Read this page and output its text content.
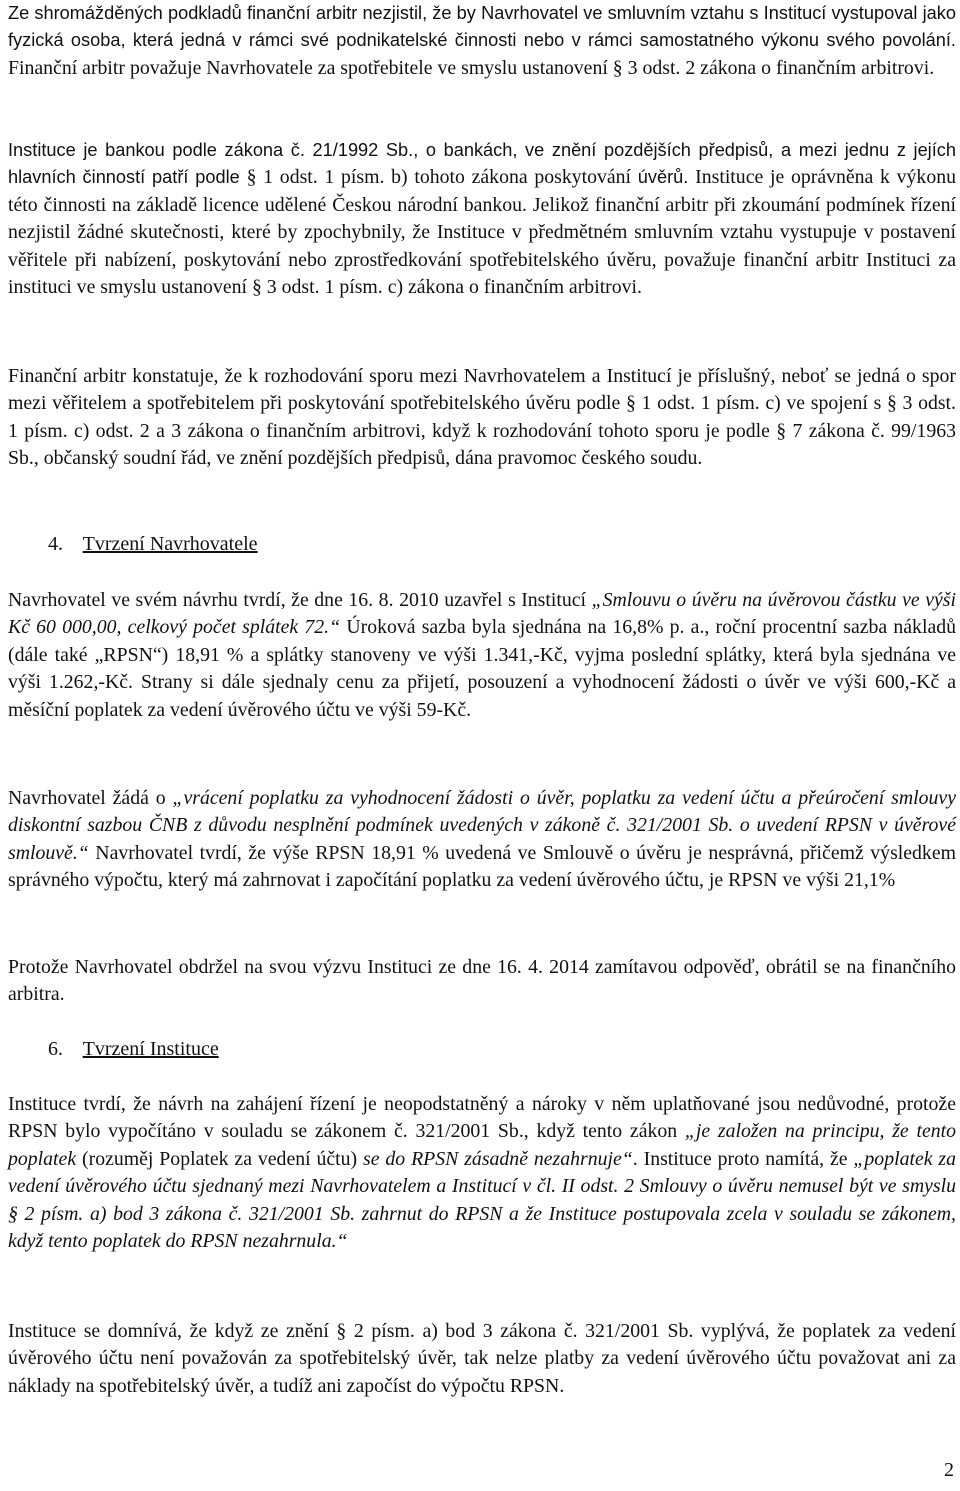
Ze shromážděných podkladů finanční arbitr nezjistil, že by Navrhovatel ve smluvním vztahu s Institucí vystupoval jako fyzická osoba, která jedná v rámci své podnikatelské činnosti nebo v rámci samostatného výkonu svého povolání. Finanční arbitr považuje Navrhovatele za spotřebitele ve smyslu ustanovení § 3 odst. 2 zákona o finančním arbitrovi.

Instituce je bankou podle zákona č. 21/1992 Sb., o bankách, ve znění pozdějších předpisů, a mezi jednu z jejích hlavních činností patří podle § 1 odst. 1 písm. b) tohoto zákona poskytování úvěrů. Instituce je oprávněna k výkonu této činnosti na základě licence udělené Českou národní bankou. Jelikož finanční arbitr při zkoumání podmínek řízení nezjistil žádné skutečnosti, které by zpochybnily, že Instituce v předmětném smluvním vztahu vystupuje v postavení věřitele při nabízení, poskytování nebo zprostředkování spotřebitelského úvěru, považuje finanční arbitr Instituci za instituci ve smyslu ustanovení § 3 odst. 1 písm. c) zákona o finančním arbitrovi.

Finanční arbitr konstatuje, že k rozhodování sporu mezi Navrhovatelem a Institucí je příslušný, neboť se jedná o spor mezi věřitelem a spotřebitelem při poskytování spotřebitelského úvěru podle § 1 odst. 1 písm. c) ve spojení s § 3 odst. 1 písm. c) odst. 2 a 3 zákona o finančním arbitrovi, když k rozhodování tohoto sporu je podle § 7 zákona č. 99/1963 Sb., občanský soudní řád, ve znění pozdějších předpisů, dána pravomoc českého soudu.

4. Tvrzení Navrhovatele

Navrhovatel ve svém návrhu tvrdí, že dne 16. 8. 2010 uzavřel s Institucí „Smlouvu o úvěru na úvěrovou částku ve výši Kč 60 000,00, celkový počet splátek 72.“ Úroková sazba byla sjednána na 16,8% p. a., roční procentní sazba nákladů (dále také „RPSN“) 18,91 % a splátky stanoveny ve výši 1.341,-Kč, vyjma poslední splátky, která byla sjednána ve výši 1.262,-Kč. Strany si dále sjednaly cenu za přijetí, posouzení a vyhodnocení žádosti o úvěr ve výši 600,-Kč a měsíční poplatek za vedení úvěrového účtu ve výši 59-Kč.

Navrhovatel žádá o „vrácení poplatku za vyhodnocení žádosti o úvěr, poplatku za vedení účtu a přeúročení smlouvy diskontní sazbou ČNB z důvodu nesplnění podmínek uvedených v zákoně č. 321/2001 Sb. o uvedení RPSN v úvěrové smlouvě.“ Navrhovatel tvrdí, že výše RPSN 18,91 % uvedená ve Smlouvě o úvěru je nesprávná, přičemž výsledkem správného výpočtu, který má zahrnovat i započítání poplatku za vedení úvěrového účtu, je RPSN ve výši 21,1%

Protože Navrhovatel obdržel na svou výzvu Instituci ze dne 16. 4. 2014 zamítavou odpověď, obrátil se na finančního arbitra.

6. Tvrzení Instituce

Instituce tvrdí, že návrh na zahájení řízení je neopodstatněný a nároky v něm uplatňované jsou nedůvodné, protože RPSN bylo vypočítáno v souladu se zákonem č. 321/2001 Sb., když tento zákon „je založen na principu, že tento poplatek (rozuměj Poplatek za vedení účtu) se do RPSN zásadně nezahrnuje“. Instituce proto namítá, že „poplatek za vedení úvěrového účtu sjednaný mezi Navrhovatelem a Institucí v čl. II odst. 2 Smlouvy o úvěru nemusel být ve smyslu § 2 písm. a) bod 3 zákona č. 321/2001 Sb. zahrnut do RPSN a že Instituce postupovala zcela v souladu se zákonem, když tento poplatek do RPSN nezahrnula.“

Instituce se domnívá, že když ze znění § 2 písm. a) bod 3 zákona č. 321/2001 Sb. vyplývá, že poplatek za vedení úvěrového účtu není považován za spotřebitelský úvěr, tak nelze platby za vedení úvěrového účtu považovat ani za náklady na spotřebitelský úvěr, a tudíž ani započíst do výpočtu RPSN.

2
